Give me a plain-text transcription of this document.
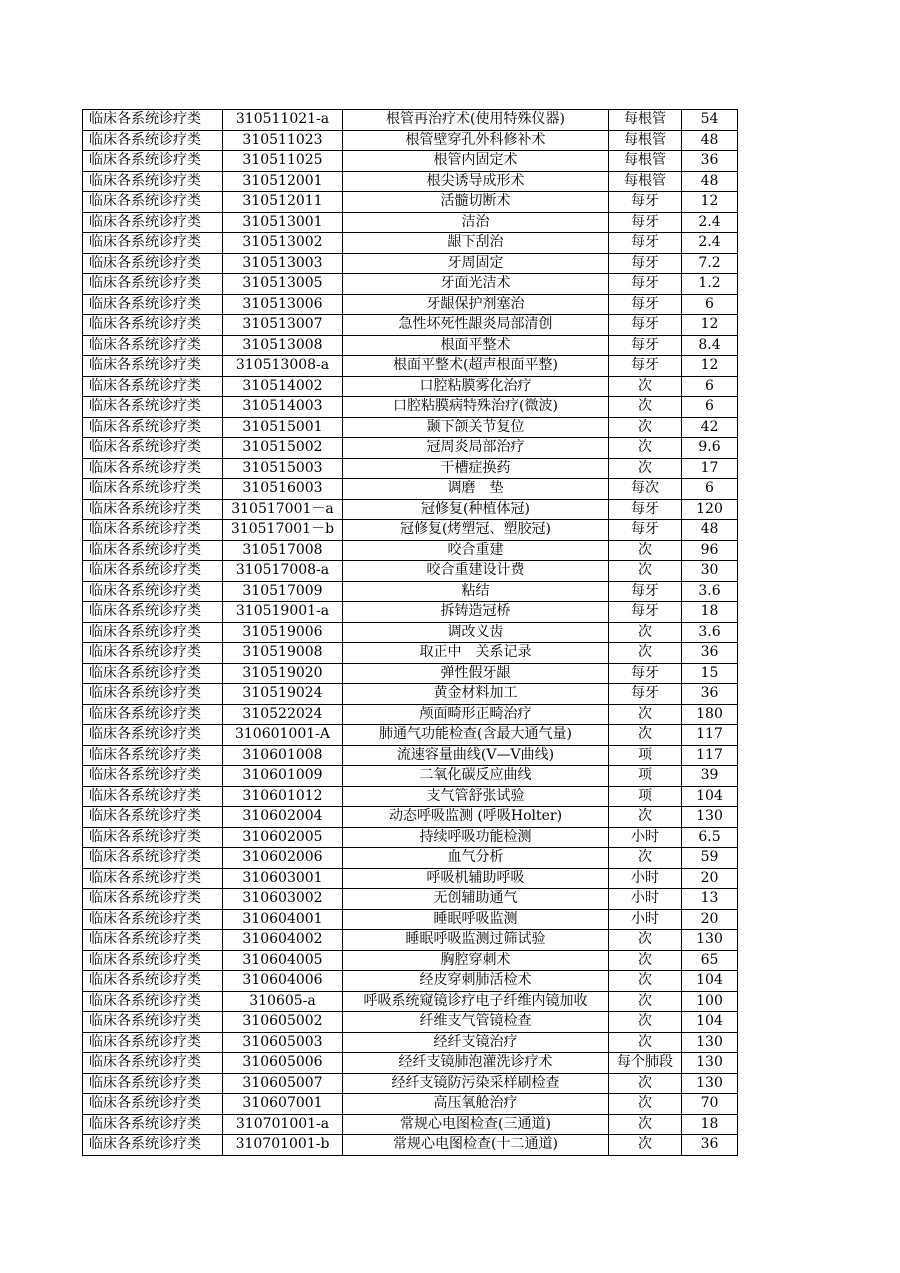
临床各系统诊疗类	310511021-a	根管再治疗术(使用特殊仪器)	每根管	54
临床各系统诊疗类	310511023	根管壁穿孔外科修补术	每根管	48
临床各系统诊疗类	310511025	根管内固定术	每根管	36
临床各系统诊疗类	310512001	根尖诱导成形术	每根管	48
临床各系统诊疗类	310512011	活髓切断术	每牙	12
临床各系统诊疗类	310513001	洁治	每牙	2.4
临床各系统诊疗类	310513002	龈下刮治	每牙	2.4
临床各系统诊疗类	310513003	牙周固定	每牙	7.2
临床各系统诊疗类	310513005	牙面光洁术	每牙	1.2
临床各系统诊疗类	310513006	牙龈保护剂塞治	每牙	6
临床各系统诊疗类	310513007	急性坏死性龈炎局部清创	每牙	12
临床各系统诊疗类	310513008	根面平整术	每牙	8.4
临床各系统诊疗类	310513008-a	根面平整术(超声根面平整)	每牙	12
临床各系统诊疗类	310514002	口腔粘膜雾化治疗	次	6
临床各系统诊疗类	310514003	口腔粘膜病特殊治疗(微波)	次	6
临床各系统诊疗类	310515001	颞下颌关节复位	次	42
临床各系统诊疗类	310515002	冠周炎局部治疗	次	9.6
临床各系统诊疗类	310515003	干槽症换药	次	17
临床各系统诊疗类	310516003	调磨　垫	每次	6
临床各系统诊疗类	310517001－a	冠修复(种植体冠)	每牙	120
临床各系统诊疗类	310517001－b	冠修复(烤塑冠、塑胶冠)	每牙	48
临床各系统诊疗类	310517008	咬合重建	次	96
临床各系统诊疗类	310517008-a	咬合重建设计费	次	30
临床各系统诊疗类	310517009	粘结	每牙	3.6
临床各系统诊疗类	310519001-a	拆铸造冠桥	每牙	18
临床各系统诊疗类	310519006	调改义齿	次	3.6
临床各系统诊疗类	310519008	取正中　关系记录	次	36
临床各系统诊疗类	310519020	弹性假牙龈	每牙	15
临床各系统诊疗类	310519024	黄金材料加工	每牙	36
临床各系统诊疗类	310522024	颅面畸形正畸治疗	次	180
临床各系统诊疗类	310601001-A	肺通气功能检查(含最大通气量)	次	117
临床各系统诊疗类	310601008	流速容量曲线(V—V曲线)	项	117
临床各系统诊疗类	310601009	二氧化碳反应曲线	项	39
临床各系统诊疗类	310601012	支气管舒张试验	项	104
临床各系统诊疗类	310602004	动态呼吸监测 (呼吸Holter)	次	130
临床各系统诊疗类	310602005	持续呼吸功能检测	小时	6.5
临床各系统诊疗类	310602006	血气分析	次	59
临床各系统诊疗类	310603001	呼吸机辅助呼吸	小时	20
临床各系统诊疗类	310603002	无创辅助通气	小时	13
临床各系统诊疗类	310604001	睡眠呼吸监测	小时	20
临床各系统诊疗类	310604002	睡眠呼吸监测过筛试验	次	130
临床各系统诊疗类	310604005	胸腔穿刺术	次	65
临床各系统诊疗类	310604006	经皮穿刺肺活检术	次	104
临床各系统诊疗类	310605-a	呼吸系统窥镜诊疗电子纤维内镜加收	次	100
临床各系统诊疗类	310605002	纤维支气管镜检查	次	104
临床各系统诊疗类	310605003	经纤支镜治疗	次	130
临床各系统诊疗类	310605006	经纤支镜肺泡灌洗诊疗术	每个肺段	130
临床各系统诊疗类	310605007	经纤支镜防污染采样刷检查	次	130
临床各系统诊疗类	310607001	高压氧舱治疗	次	70
临床各系统诊疗类	310701001-a	常规心电图检查(三通道)	次	18
临床各系统诊疗类	310701001-b	常规心电图检查(十二通道)	次	36
